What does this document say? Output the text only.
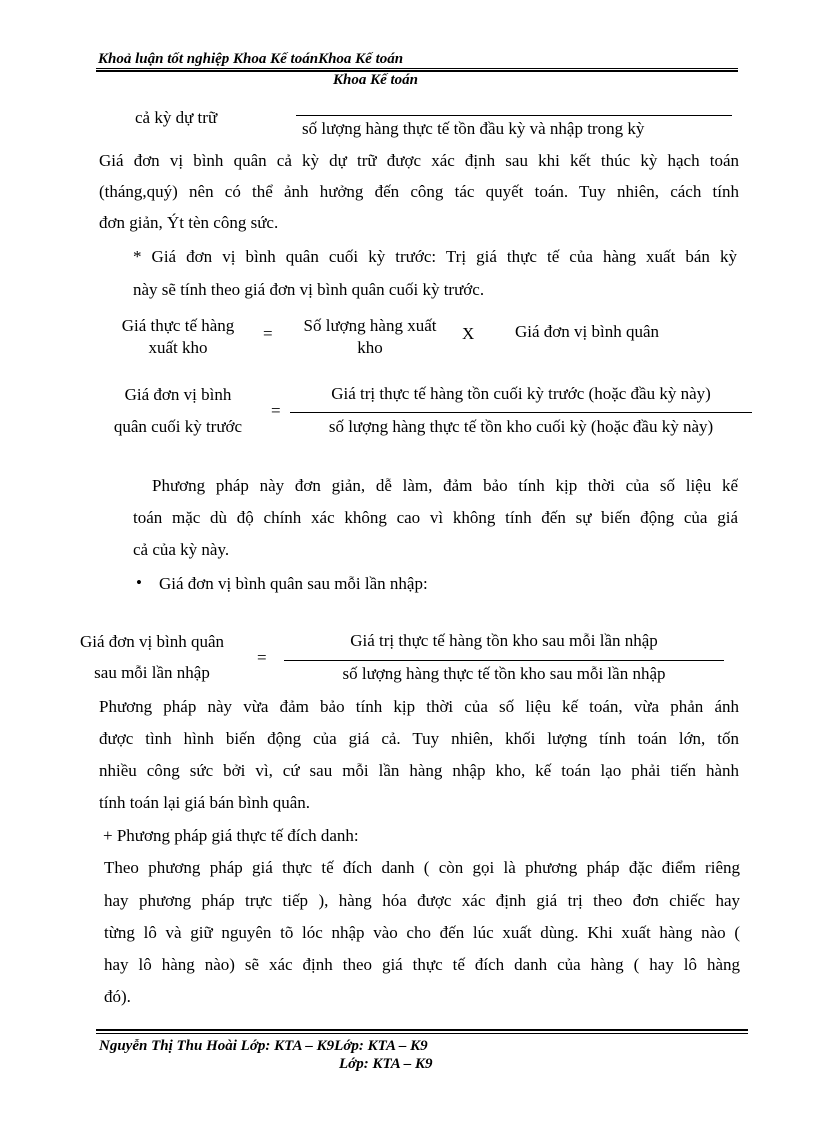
Khoả luận tốt nghiệp Khoa Kế toánKhoa Kế toán
Khoa Kế toán
cả kỳ dự trữ
số lượng hàng thực tế tồn đầu kỳ và nhập trong kỳ
Giá đơn vị bình quân cả kỳ dự trữ được xác định sau khi kết thúc kỳ hạch toán
(tháng,quý) nên có thể ảnh hưởng đến công tác quyết toán. Tuy nhiên, cách tính
đơn giản, Ýt tèn công sức.
* Giá đơn vị bình quân cuối kỳ trước: Trị giá thực tế của hàng xuất bán kỳ
này sẽ tính theo giá đơn vị bình quân cuối kỳ trước.
Giá thực tế hàng
xuất kho
=	Số lượng hàng xuất
kho
X Giá đơn vị bình quân
Giá đơn vị bình
quân cuối kỳ trước
=
Giá trị thực tế hàng tồn cuối kỳ trước (hoặc đầu kỳ này)
số lượng hàng thực tế tồn kho cuối kỳ (hoặc đầu kỳ này)
Phương pháp này đơn giản, dễ làm, đảm bảo tính kịp thời của số liệu kế
toán mặc dù độ chính xác không cao vì không tính đến sự biến động của giá
cả của kỳ này.
• Giá đơn vị bình quân sau mỗi lần nhập:
Giá đơn vị bình quân
sau mỗi lần nhập
=
Giá trị thực tế hàng tồn kho sau mỗi lần nhập
số lượng hàng thực tế tồn kho sau mỗi lần nhập
Phương pháp này vừa đảm bảo tính kịp thời của số liệu kế toán, vừa phản ánh
được tình hình biến động của giá cả. Tuy nhiên, khối lượng tính toán lớn, tốn
nhiều công sức bởi vì, cứ sau mỗi lần hàng nhập kho, kế toán lạo phải tiến hành
tính toán lại giá bán bình quân.
+ Phương pháp giá thực tế đích danh:
Theo phương pháp giá thực tế đích danh ( còn gọi là phương pháp đặc điểm riêng
hay phương pháp trực tiếp ), hàng hóa được xác định giá trị theo đơn chiếc hay
từng lô và giữ nguyên tõ lóc nhập vào cho đến lúc xuất dùng. Khi xuất hàng nào (
hay lô hàng nào) sẽ xác định theo giá thực tế đích danh của hàng ( hay lô hàng
đó).
Nguyễn Thị Thu Hoài Lớp: KTA – K9Lớp: KTA – K9
Lớp: KTA – K9
